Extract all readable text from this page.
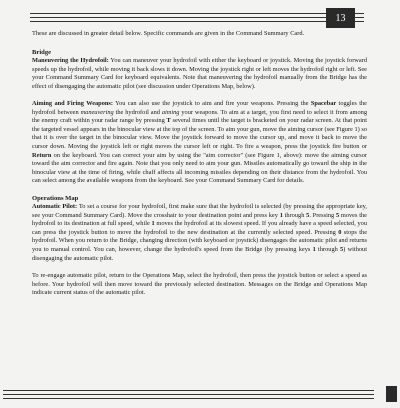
13

These are discussed in greater detail below. Specific commands are given in the Command Summary Card.

Bridge

Maneuvering the Hydrofoil: You can maneuver your hydrofoil with either the keyboard or joystick. Moving the joystick forward speeds up the hydrofoil, while moving it back slows it down. Moving the joystick right or left moves the hydrofoil right or left. See your Command Summary Card for keyboard equivalents. Note that maneuvering the hydrofoil manually from the Bridge has the effect of disengaging the automatic pilot (see discussion under Operations Map, below).

Aiming and Firing Weapons: You can also use the joystick to aim and fire your weapons. Pressing the Spacebar toggles the hydrofoil between maneuvering the hydrofoil and aiming your weapons. To aim at a target, you first need to select it from among the enemy craft within your radar range by pressing T several times until the target is bracketed on your radar screen. At that point the targeted vessel appears in the binocular view at the top of the screen. To aim your gun, move the aiming cursor (see Figure 1) so that it is over the target in the binocular view. Move the joystick forward to move the cursor up, and move it back to move the cursor down. Moving the joystick left or right moves the cursor left or right. To fire a weapon, press the joystick fire button or Return on the keyboard. You can correct your aim by using the "aim corrector" (see Figure 1, above): move the aiming cursor toward the aim corrector and fire again. Note that you only need to aim your gun. Missiles automatically go toward the ship in the binocular view at the time of firing, while chaff affects all incoming missiles depending on their distance from the hydrofoil. You can select among the available weapons from the keyboard. See your Command Summary Card for details.

Operations Map

Automatic Pilot: To set a course for your hydrofoil, first make sure that the hydrofoil is selected (by pressing the appropriate key, see your Command Summary Card). Move the crosshair to your destination point and press key 1 through 5. Pressing 5 moves the hydrofoil to its destination at full speed, while 1 moves the hydrofoil at its slowest speed. If you already have a speed selected, you can press the joystick button to move the hydrofoil to the new destination at the currently selected speed. Pressing 0 stops the hydrofoil. When you return to the Bridge, changing direction (with keyboard or joystick) disengages the automatic pilot and returns you to manual control. You can, however, change the hydrofoil's speed from the Bridge (by pressing keys 1 through 5) without disengaging the automatic pilot.

To re-engage automatic pilot, return to the Operations Map, select the hydrofoil, then press the joystick button or select a speed as before. Your hydrofoil will then move toward the previously selected destination. Messages on the Bridge and Operations Map indicate current status of the automatic pilot.
